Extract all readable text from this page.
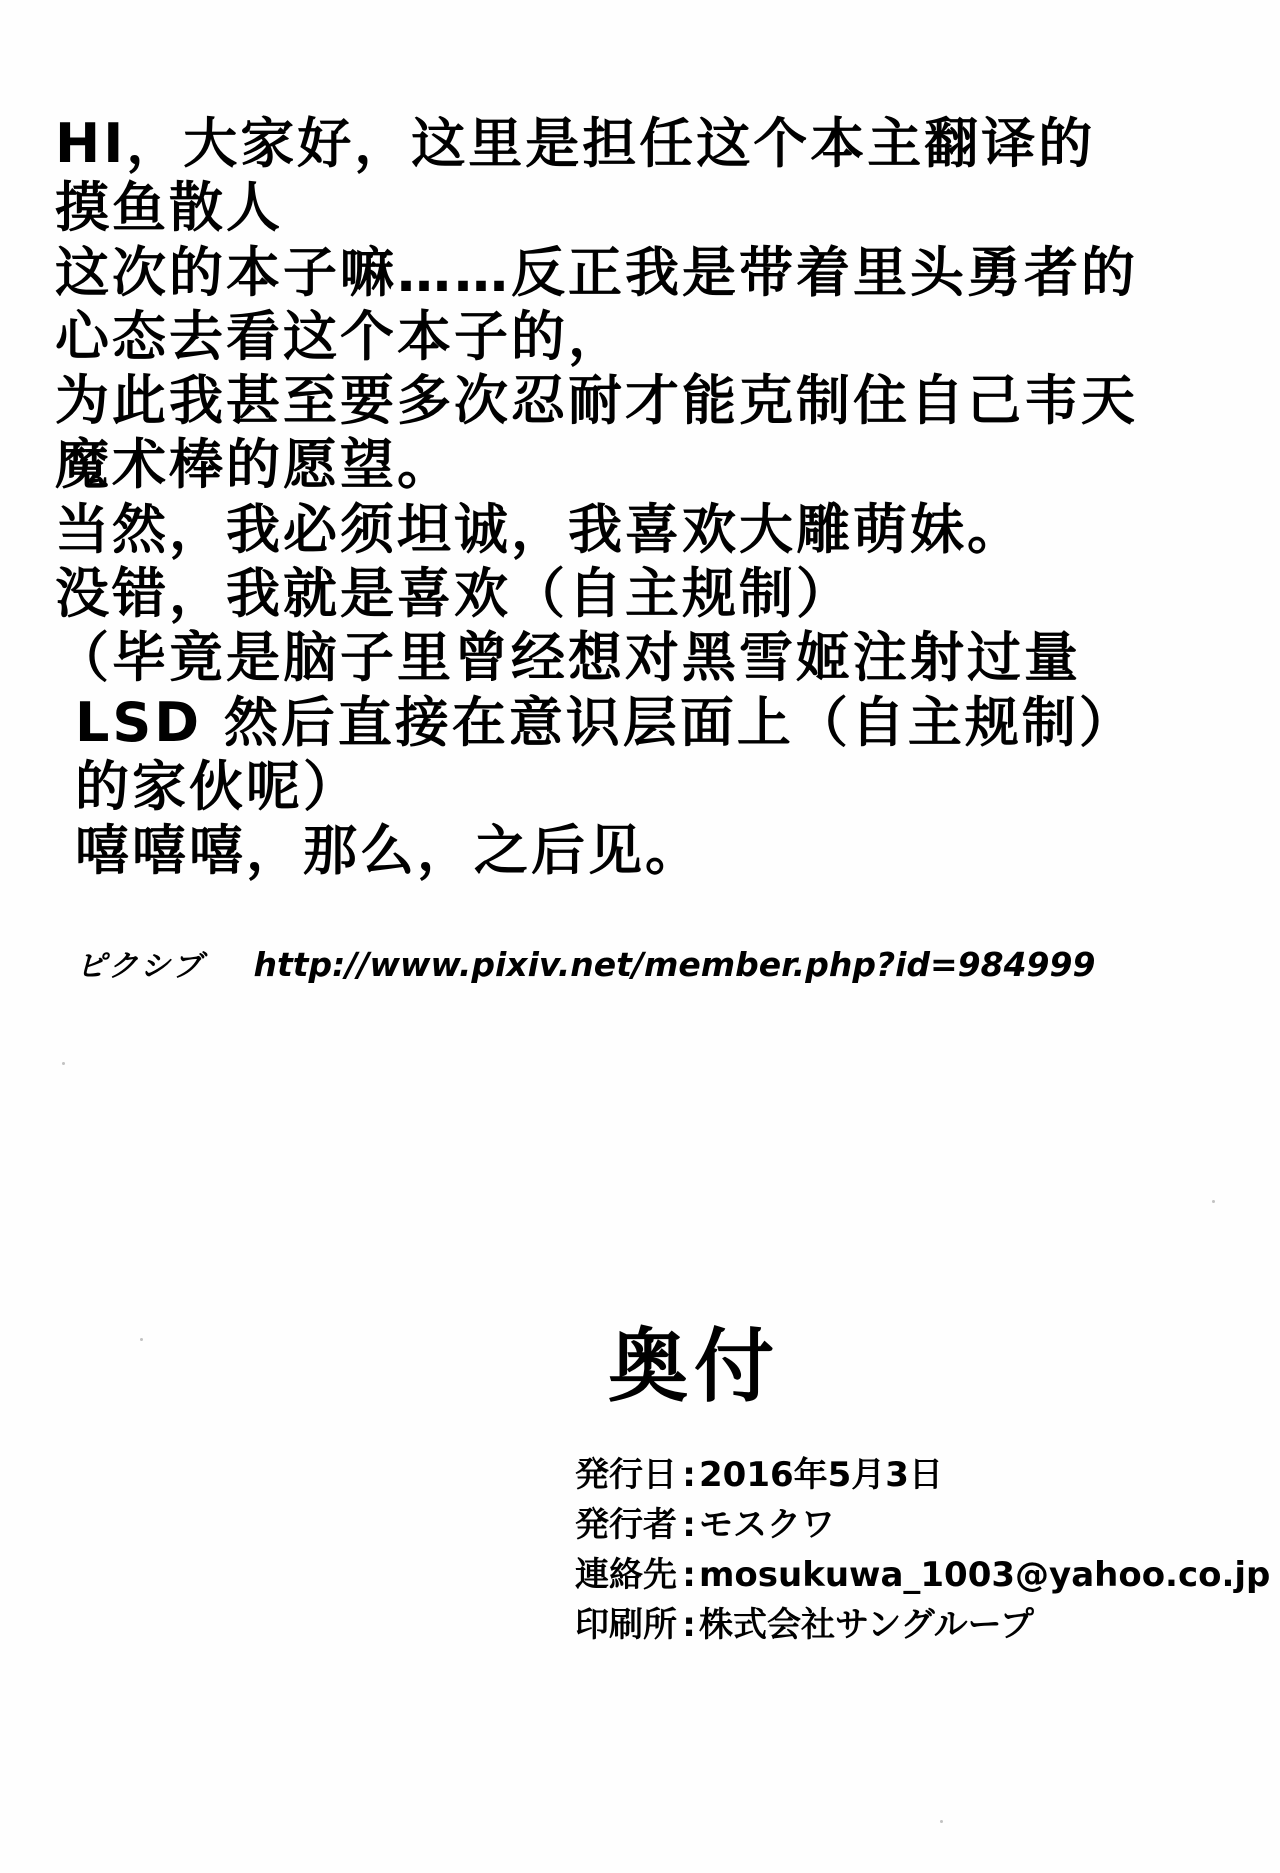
HI，大家好，这里是担任这个本主翻译的
摸鱼散人
这次的本子嘛……反正我是带着里头勇者的
心态去看这个本子的，
为此我甚至要多次忍耐才能克制住自己韦天
魔术棒的愿望。
当然，我必须坦诚，我喜欢大雕萌妹。
没错，我就是喜欢（自主规制）
（毕竟是脑子里曾经想对黑雪姬注射过量
LSD 然后直接在意识层面上（自主规制）
的家伙呢）
嘻嘻嘻，那么，之后见。
ピクシブ http://www.pixiv.net/member.php?id=984999
奥付
発行日 :2016年5月3日
発行者 :モスクワ
連絡先 :mosukuwa_1003@yahoo.co.jp
印刷所 :株式会社サングループ
